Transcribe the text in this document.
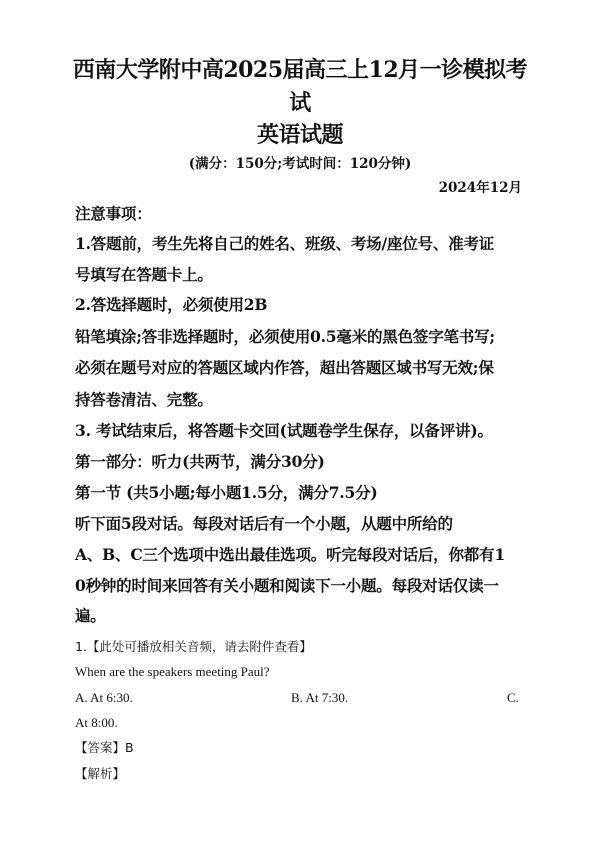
西南大学附中高2025届高三上12月一诊模拟考
试
英语试题
(满分：150分;考试时间：120分钟)
2024年12月
注意事项：
1.答题前，考生先将自己的姓名、班级、考场/座位号、准考证
号填写在答题卡上。
2.答选择题时，必须使用2B
铅笔填涂;答非选择题时，必须使用0.5毫米的黑色签字笔书写;
必须在题号对应的答题区域内作答，超出答题区域书写无效;保
持答卷清洁、完整。
3. 考试结束后，将答题卡交回(试题卷学生保存，以备评讲)。
第一部分：听力(共两节，满分30分)
第一节 (共5小题;每小题1.5分，满分7.5分)
听下面5段对话。每段对话后有一个小题，从题中所给的
A、B、C三个选项中选出最佳选项。听完每段对话后，你都有1
0秒钟的时间来回答有关小题和阅读下一小题。每段对话仅读一
遍。
1.【此处可播放相关音频，请去附件查看】
When are the speakers meeting Paul?
A. At 6:30.	B. At 7:30.	C.
At 8:00.
【答案】B
【解析】
